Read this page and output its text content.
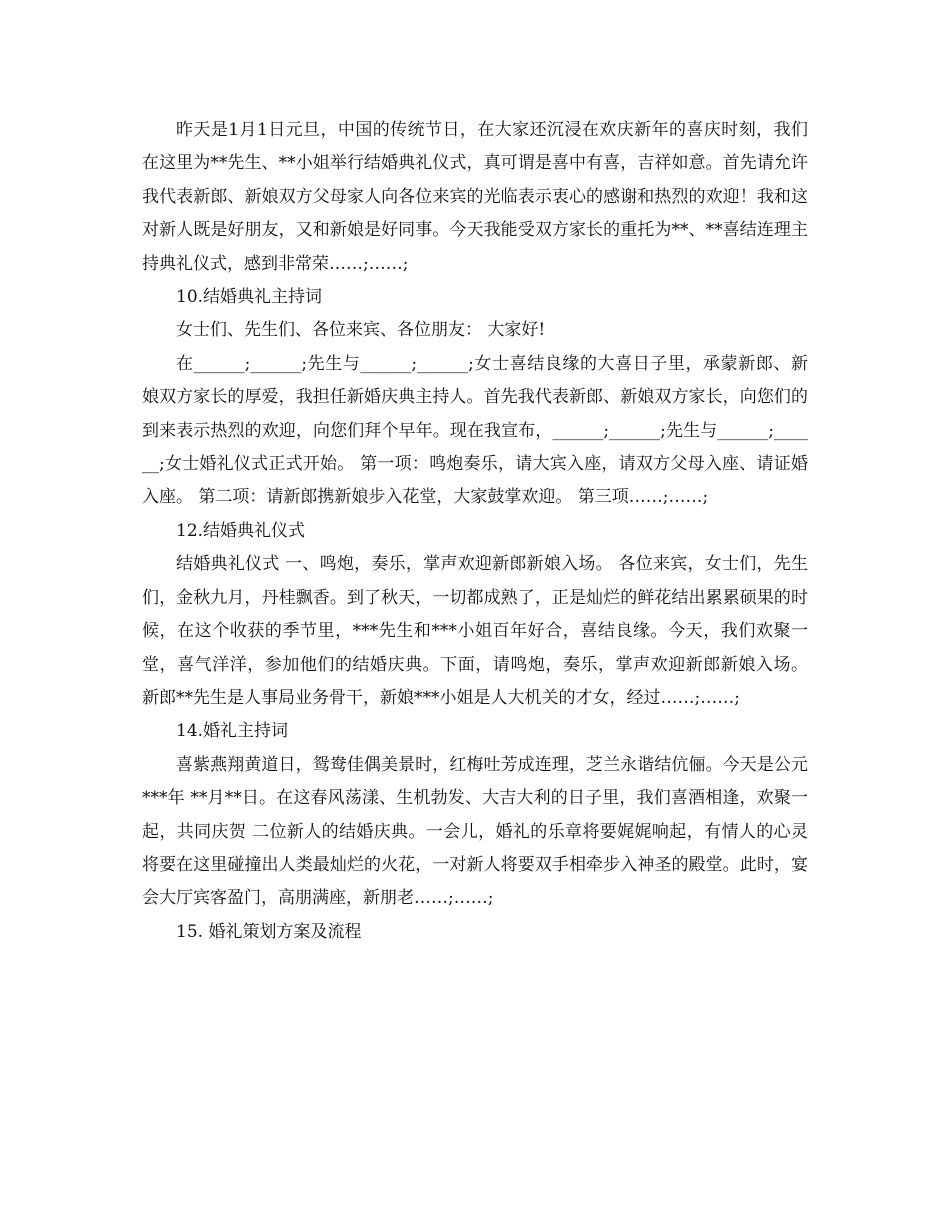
昨天是1月1日元旦，中国的传统节日，在大家还沉浸在欢庆新年的喜庆时刻，我们在这里为**先生、**小姐举行结婚典礼仪式，真可谓是喜中有喜，吉祥如意。首先请允许我代表新郎、新娘双方父母家人向各位来宾的光临表示衷心的感谢和热烈的欢迎！我和这对新人既是好朋友，又和新娘是好同事。今天我能受双方家长的重托为**、**喜结连理主持典礼仪式，感到非常荣……;……;

10.结婚典礼主持词

女士们、先生们、各位来宾、各位朋友： 大家好!

在______;______;先生与______;______;女士喜结良缘的大喜日子里，承蒙新郎、新娘双方家长的厚爱，我担任新婚庆典主持人。首先我代表新郎、新娘双方家长，向您们的到来表示热烈的欢迎，向您们拜个早年。现在我宣布，______;______;先生与______;______;女士婚礼仪式正式开始。 第一项：鸣炮奏乐，请大宾入座，请双方父母入座、请证婚入座。 第二项：请新郎携新娘步入花堂，大家鼓掌欢迎。 第三项……;……;

12.结婚典礼仪式

结婚典礼仪式 一、鸣炮，奏乐，掌声欢迎新郎新娘入场。 各位来宾，女士们，先生们，金秋九月，丹桂飘香。到了秋天，一切都成熟了，正是灿烂的鲜花结出累累硕果的时候，在这个收获的季节里，***先生和***小姐百年好合，喜结良缘。今天，我们欢聚一堂，喜气洋洋，参加他们的结婚庆典。下面，请鸣炮，奏乐，掌声欢迎新郎新娘入场。 新郎**先生是人事局业务骨干，新娘***小姐是人大机关的才女，经过……;……;

14.婚礼主持词

喜紫燕翔黄道日，鸳鸯佳偶美景时，红梅吐芳成连理，芝兰永谐结伉俪。今天是公元***年 **月**日。在这春风荡漾、生机勃发、大吉大利的日子里，我们喜酒相逢，欢聚一起，共同庆贺 二位新人的结婚庆典。一会儿，婚礼的乐章将要娓娓响起，有情人的心灵将要在这里碰撞出人类最灿烂的火花，一对新人将要双手相牵步入神圣的殿堂。此时，宴会大厅宾客盈门，高朋满座，新朋老……;……;

15. 婚礼策划方案及流程
